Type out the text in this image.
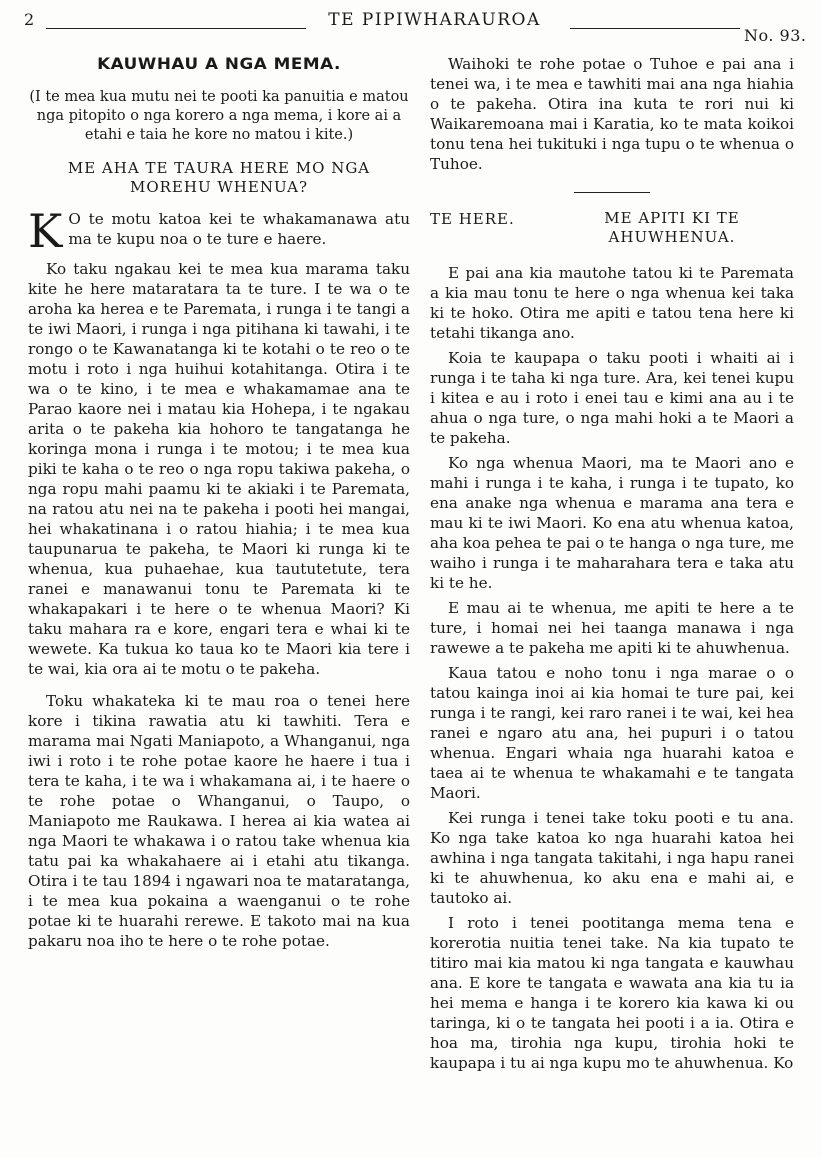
2	TE PIPIWHARAUROA
No. 93.
KAUWHAU A NGA MEMA.
(I te mea kua mutu nei te pooti ka panuitia e matou nga pitopito o nga korero a nga mema, i kore ai a etahi e taia he kore no matou i kite.)
ME AHA TE TAURA HERE MO NGA MOREHU WHENUA?

K O te motu katoa kei te whakamanawa atu ma te kupu noa o te ture e haere.

Ko taku ngakau kei te mea kua marama taku kite he here mataratara ta te ture. I te wa o te aroha ka herea e te Paremata, i runga i te tangi a te iwi Maori, i runga i nga pitihana ki tawahi, i te rongo o te Kawanatanga ki te kotahi o te reo o te motu i roto i nga huihui kotahitanga. Otira i te wa o te kino, i te mea e whakamamae ana te Parao kaore nei i matau kia Hohepa, i te ngakau arita o te pakeha kia hohoro te tangatanga he koringa mona i runga i te motou; i te mea kua piki te kaha o te reo o nga ropu takiwa pakeha, o nga ropu mahi paamu ki te akiaki i te Paremata, na ratou atu nei na te pakeha i pooti hei mangai, hei whakatinana i o ratou hiahia; i te mea kua taupunarua te pakeha, te Maori ki runga ki te whenua, kua puhaehae, kua taututetute, tera ranei e manawanui tonu te Paremata ki te whakapakari i te here o te whenua Maori? Ki taku mahara ra e kore, engari tera e whai ki te wewete. Ka tukua ko taua ko te Maori kia tere i te wai, kia ora ai te motu o te pakeha.

Toku whakateka ki te mau roa o tenei here kore i tikina rawatia atu ki tawhiti. Tera e marama mai Ngati Maniapoto, a Whanganui, nga iwi i roto i te rohe potae kaore he haere i tua i tera te kaha, i te wa i whakamana ai, i te haere o te rohe potae o Whanganui, o Taupo, o Maniapoto me Raukawa. I herea ai kia watea ai nga Maori te whakawa i o ratou take whenua kia tatu pai ka whakahaere ai i etahi atu tikanga. Otira i te tau 1894 i ngawari noa te mataratanga, i te mea kua pokaina a waenganui o te rohe potae ki te huarahi rerewe. E takoto mai na kua pakaru noa iho te here o te rohe potae.

Waihoki te rohe potae o Tuhoe e pai ana i tenei wa, i te mea e tawhiti mai ana nga hiahia o te pakeha. Otira ina kuta te rori nui ki Waikaremoana mai i Karatia, ko te mata koikoi tonu tena hei tukituki i nga tupu o te whenua o Tuhoe.

TE HERE.	ME APITI KI TE AHUWHENUA.

E pai ana kia mautohe tatou ki te Paremata a kia mau tonu te here o nga whenua kei taka ki te hoko. Otira me apiti e tatou tena here ki tetahi tikanga ano.

Koia te kaupapa o taku pooti i whaiti ai i runga i te taha ki nga ture. Ara, kei tenei kupu i kitea e au i roto i enei tau e kimi ana au i te ahua o nga ture, o nga mahi hoki a te Maori a te pakeha.

Ko nga whenua Maori, ma te Maori ano e mahi i runga i te kaha, i runga i te tupato, ko ena anake nga whenua e marama ana tera e mau ki te iwi Maori. Ko ena atu whenua katoa, aha koa pehea te pai o te hanga o nga ture, me waiho i runga i te maharahara tera e taka atu ki te he.

E mau ai te whenua, me apiti te here a te ture, i homai nei hei taanga manawa i nga rawewe a te pakeha me apiti ki te ahuwhenua.

Kaua tatou e noho tonu i nga marae o o tatou kainga inoi ai kia homai te ture pai, kei runga i te rangi, kei raro ranei i te wai, kei hea ranei e ngaro atu ana, hei pupuri i o tatou whenua. Engari whaia nga huarahi katoa e taea ai te whenua te whakamahi e te tangata Maori.

Kei runga i tenei take toku pooti e tu ana. Ko nga take katoa ko nga huarahi katoa hei awhina i nga tangata takitahi, i nga hapu ranei ki te ahuwhenua, ko aku ena e mahi ai, e tautoko ai.

I roto i tenei pootitanga mema tena e korerotia nuitia tenei take. Na kia tupato te titiro mai kia matou ki nga tangata e kauwhau ana. E kore te tangata e wawata ana kia tu ia hei mema e hanga i te korero kia kawa ki ou taringa, ki o te tangata hei pooti i a ia. Otira e hoa ma, tirohia nga kupu, tirohia hoki te kaupapa i tu ai nga kupu mo te ahuwhenua. Ko
